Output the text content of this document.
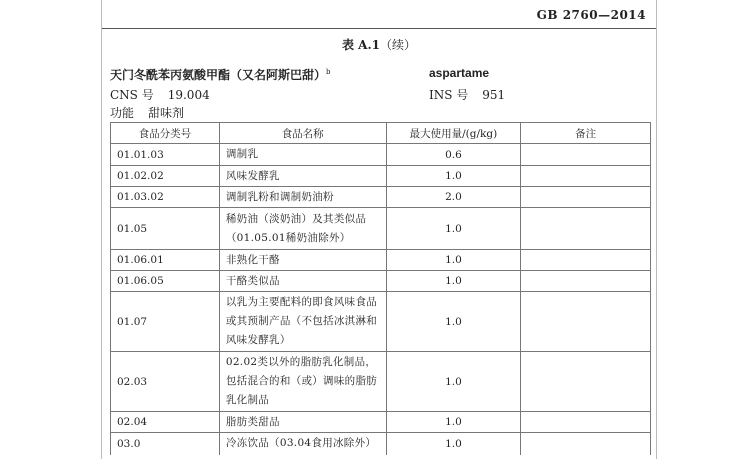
GB 2760—2014
表 A.1（续）
天门冬酰苯丙氨酸甲酯（又名阿斯巴甜）$^b$	aspartame
CNS 号 19.004	INS 号 951
功能 甜味剂
食品分类号	食品名称	最大使用量/(g/kg)	备注
01.01.03	调制乳	0.6	
01.02.02	风味发酵乳	1.0	
01.03.02	调制乳粉和调制奶油粉	2.0	
01.05	稀奶油（淡奶油）及其类似品（01.05.01稀奶油除外）	1.0	
01.06.01	非熟化干酪	1.0	
01.06.05	干酪类似品	1.0	
01.07	以乳为主要配料的即食风味食品或其预制产品（不包括冰淇淋和风味发酵乳）	1.0	
02.03	02.02类以外的脂肪乳化制品，包括混合的和（或）调味的脂肪乳化制品	1.0	
02.04	脂肪类甜品	1.0	
03.0	冷冻饮品（03.04食用冰除外）	1.0	
